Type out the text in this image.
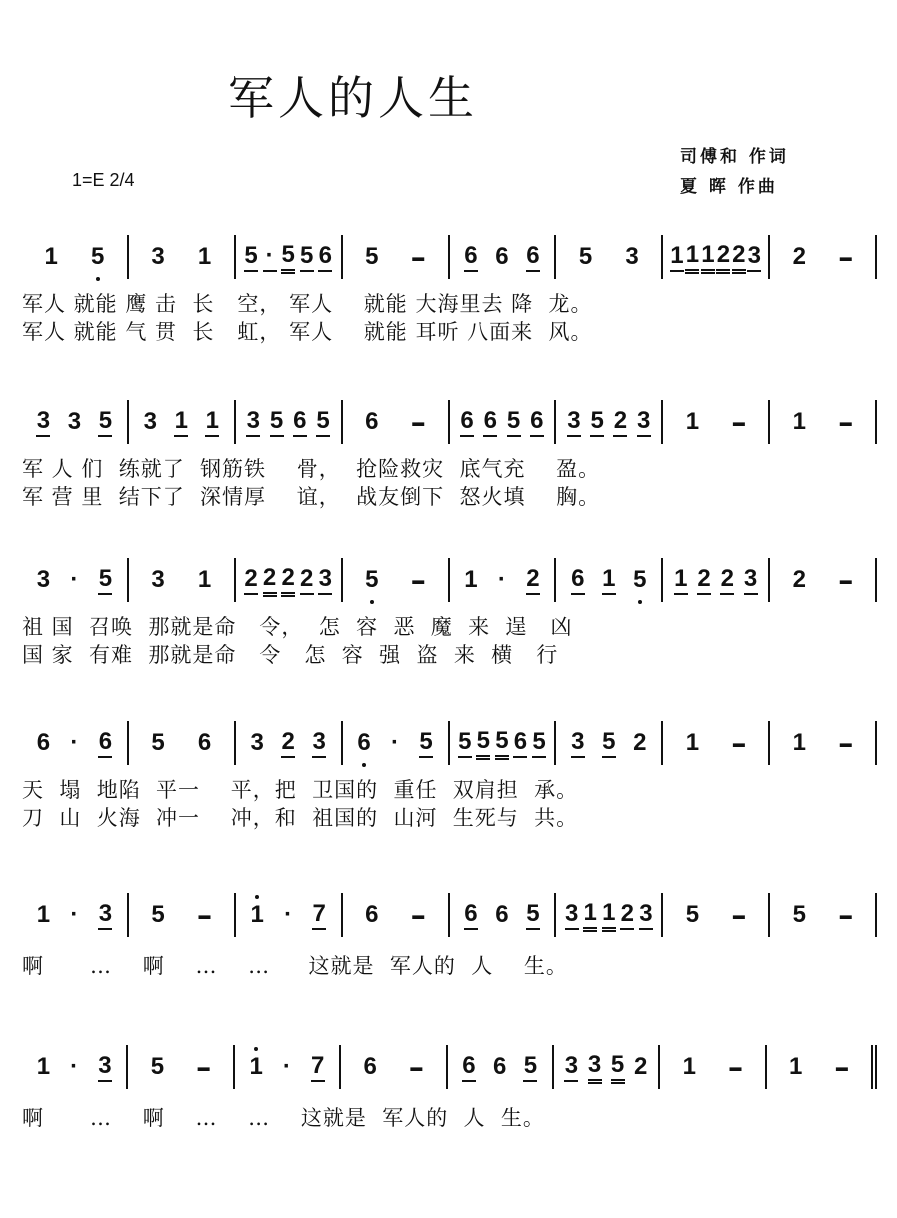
军人的人生
司傅和 作词
夏 晖 作曲
1=E 2/4
1 5 3 1 5 · 5 5 6 5	▬ 6 6 6 5 3 1 1 1 2 2 3 2	▬
3 3 5 3 1 1 3 5 6 5 6	▬ 6 6 5 6 3 5 2 3 1	▬ 1	▬
3 · 5 3 1 2 2 2 2 3 5	▬ 1 · 2 6 1 5 1 2 2 3 2	▬
6 · 6 5 6 3 2 3 6 · 5 5 5 5 6 5 3 5 2 1	▬ 1	▬
1 · 3 5	▬ 1 · 7 6	▬ 6 6 5 3 1 1 2 3 5	▬ 5	▬
1 · 3 5	▬ 1 · 7 6	▬ 6 6 5 3 3 5 2 1	▬ 1	▬
军人 就能 鹰 击  长   空， 军人    就能 大海里去 降  龙。
军人 就能 气 贯  长   虹， 军人    就能 耳听 八面来  风。
军 人 们  练就了  钢筋铁    骨，  抢险救灾  底气充    盈。
军 营 里  结下了  深情厚    谊，  战友倒下  怒火填    胸。
祖 国  召唤  那就是命   令，  怎  容  恶  魔  来  逞   凶
国 家  有难  那就是命   令   怎  容  强  盗  来  横   行
天  塌  地陷  平一    平，把  卫国的  重任  双肩担  承。
刀  山  火海  冲一    冲，和  祖国的  山河  生死与  共。
啊      …    啊    …    …     这就是  军人的  人    生。
啊      …    啊    …    …    这就是  军人的  人  生。
